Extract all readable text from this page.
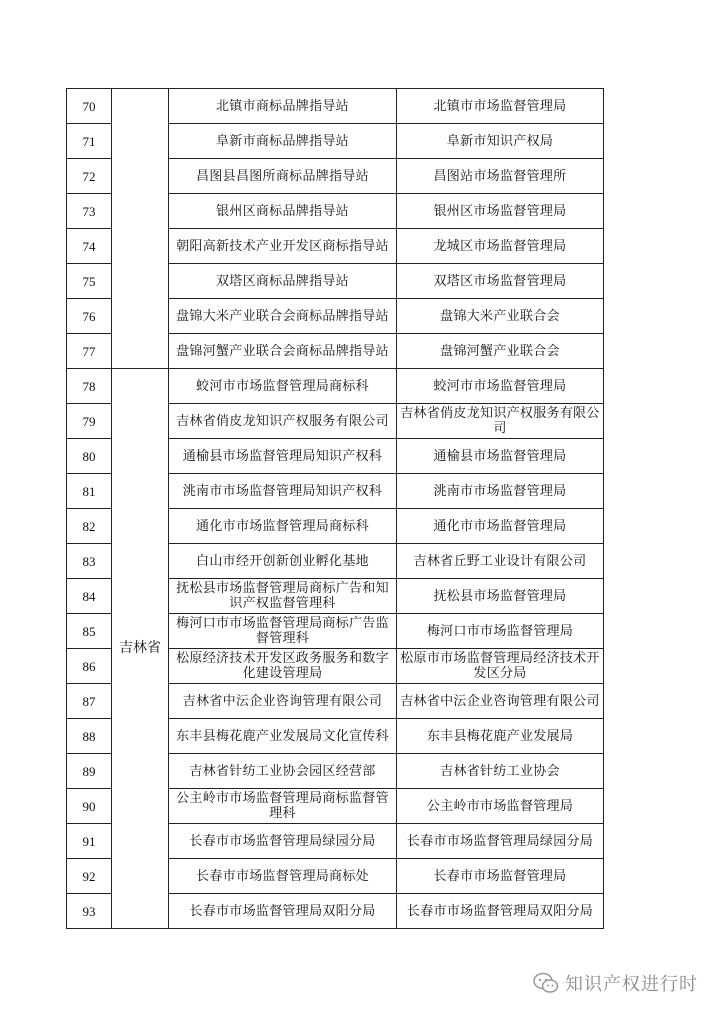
70		北镇市商标品牌指导站	北镇市市场监督管理局
71		阜新市商标品牌指导站	阜新市知识产权局
72		昌图县昌图所商标品牌指导站	昌图站市场监督管理所
73		银州区商标品牌指导站	银州区市场监督管理局
74		朝阳高新技术产业开发区商标指导站	龙城区市场监督管理局
75		双塔区商标品牌指导站	双塔区市场监督管理局
76		盘锦大米产业联合会商标品牌指导站	盘锦大米产业联合会
77		盘锦河蟹产业联合会商标品牌指导站	盘锦河蟹产业联合会
78	吉林省	蛟河市市场监督管理局商标科	蛟河市市场监督管理局
79		吉林省俏皮龙知识产权服务有限公司	吉林省俏皮龙知识产权服务有限公司
80		通榆县市场监督管理局知识产权科	通榆县市场监督管理局
81		洮南市市场监督管理局知识产权科	洮南市市场监督管理局
82		通化市市场监督管理局商标科	通化市市场监督管理局
83		白山市经开创新创业孵化基地	吉林省丘野工业设计有限公司
84		抚松县市场监督管理局商标广告和知识产权监督管理科	抚松县市场监督管理局
85		梅河口市市场监督管理局商标广告监督管理科	梅河口市市场监督管理局
86		松原经济技术开发区政务服务和数字化建设管理局	松原市市场监督管理局经济技术开发区分局
87		吉林省中沄企业咨询管理有限公司	吉林省中沄企业咨询管理有限公司
88		东丰县梅花鹿产业发展局文化宣传科	东丰县梅花鹿产业发展局
89		吉林省针纺工业协会园区经营部	吉林省针纺工业协会
90		公主岭市市场监督管理局商标监督管理科	公主岭市市场监督管理局
91		长春市市场监督管理局绿园分局	长春市市场监督管理局绿园分局
92		长春市市场监督管理局商标处	长春市市场监督管理局
93		长春市市场监督管理局双阳分局	长春市市场监督管理局双阳分局
知识产权进行时
